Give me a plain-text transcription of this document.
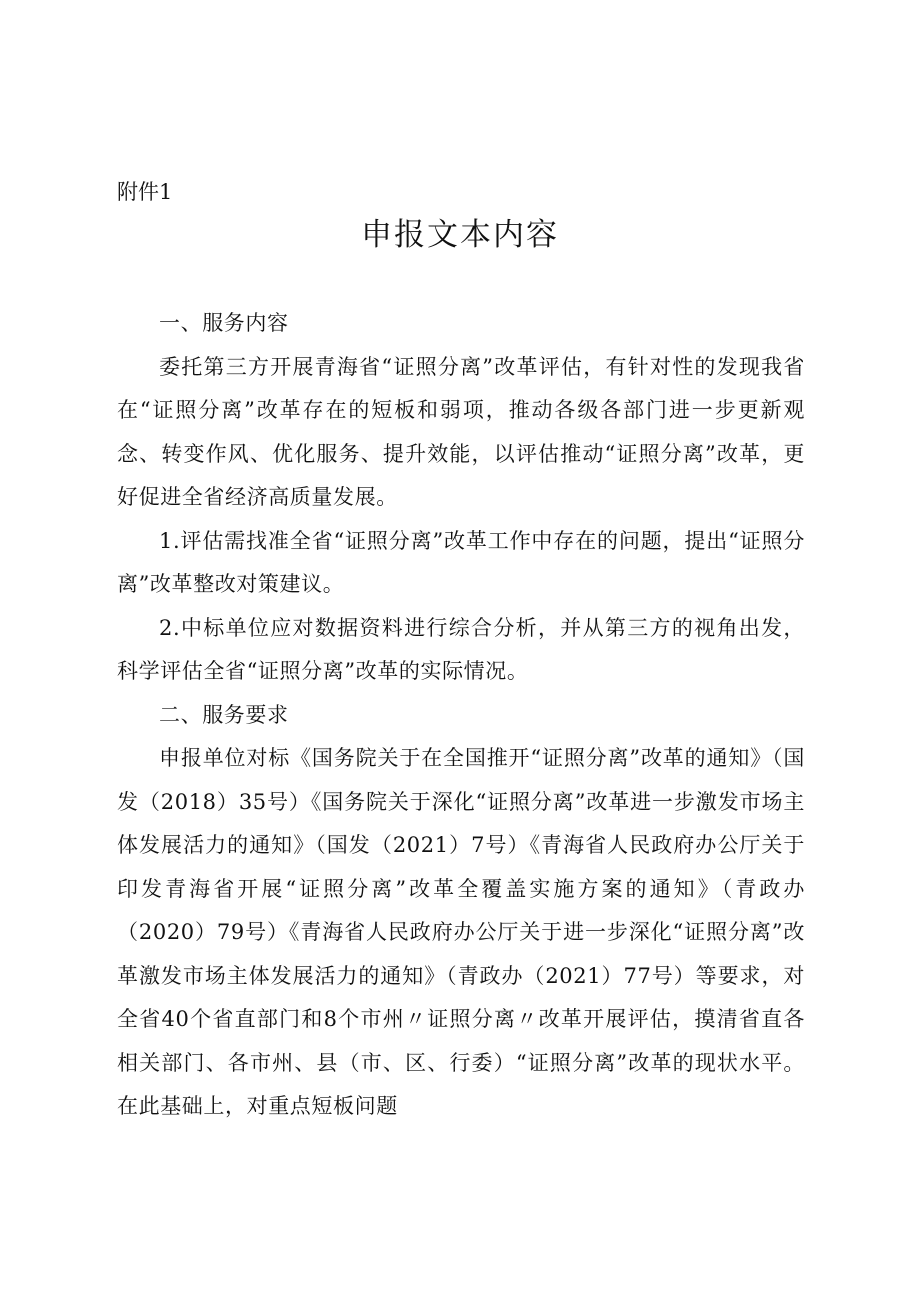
附件1

申报文本内容

一、服务内容

委托第三方开展青海省“证照分离”改革评估，有针对性的发现我省在“证照分离”改革存在的短板和弱项，推动各级各部门进一步更新观念、转变作风、优化服务、提升效能，以评估推动“证照分离”改革，更好促进全省经济高质量发展。

1.评估需找准全省“证照分离”改革工作中存在的问题，提出“证照分离”改革整改对策建议。

2.中标单位应对数据资料进行综合分析，并从第三方的视角出发，科学评估全省“证照分离”改革的实际情况。

二、服务要求

申报单位对标《国务院关于在全国推开“证照分离”改革的通知》（国发（2018）35号）《国务院关于深化“证照分离”改革进一步激发市场主体发展活力的通知》（国发（2021）7号）《青海省人民政府办公厅关于印发青海省开展“证照分离”改革全覆盖实施方案的通知》（青政办（2020）79号）《青海省人民政府办公厅关于进一步深化“证照分离”改革激发市场主体发展活力的通知》（青政办（2021）77号）等要求，对全省40个省直部门和8个市州〃证照分离〃改革开展评估，摸清省直各相关部门、各市州、县（市、区、行委）“证照分离”改革的现状水平。在此基础上，对重点短板问题
